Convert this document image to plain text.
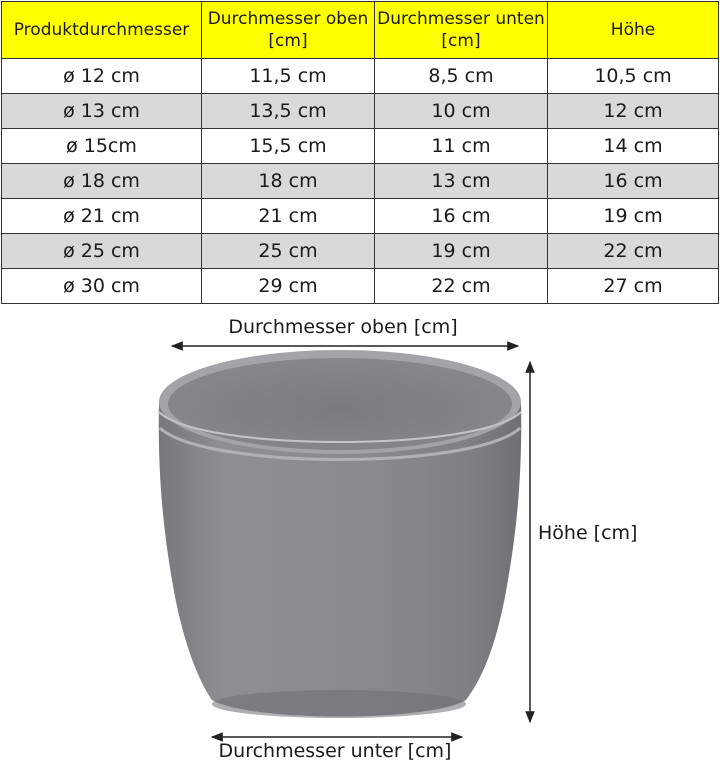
Produktdurchmesser	Durchmesser oben [cm]	Durchmesser unten [cm]	Höhe
ø 12 cm	11,5 cm	8,5 cm	10,5 cm
ø 13 cm	13,5 cm	10 cm	12 cm
ø 15cm	15,5 cm	11 cm	14 cm
ø 18 cm	18 cm	13 cm	16 cm
ø 21 cm	21 cm	16 cm	19 cm
ø 25 cm	25 cm	19 cm	22 cm
ø 30 cm	29 cm	22 cm	27 cm
Durchmesser oben [cm]
Höhe [cm]
Durchmesser unter [cm]
